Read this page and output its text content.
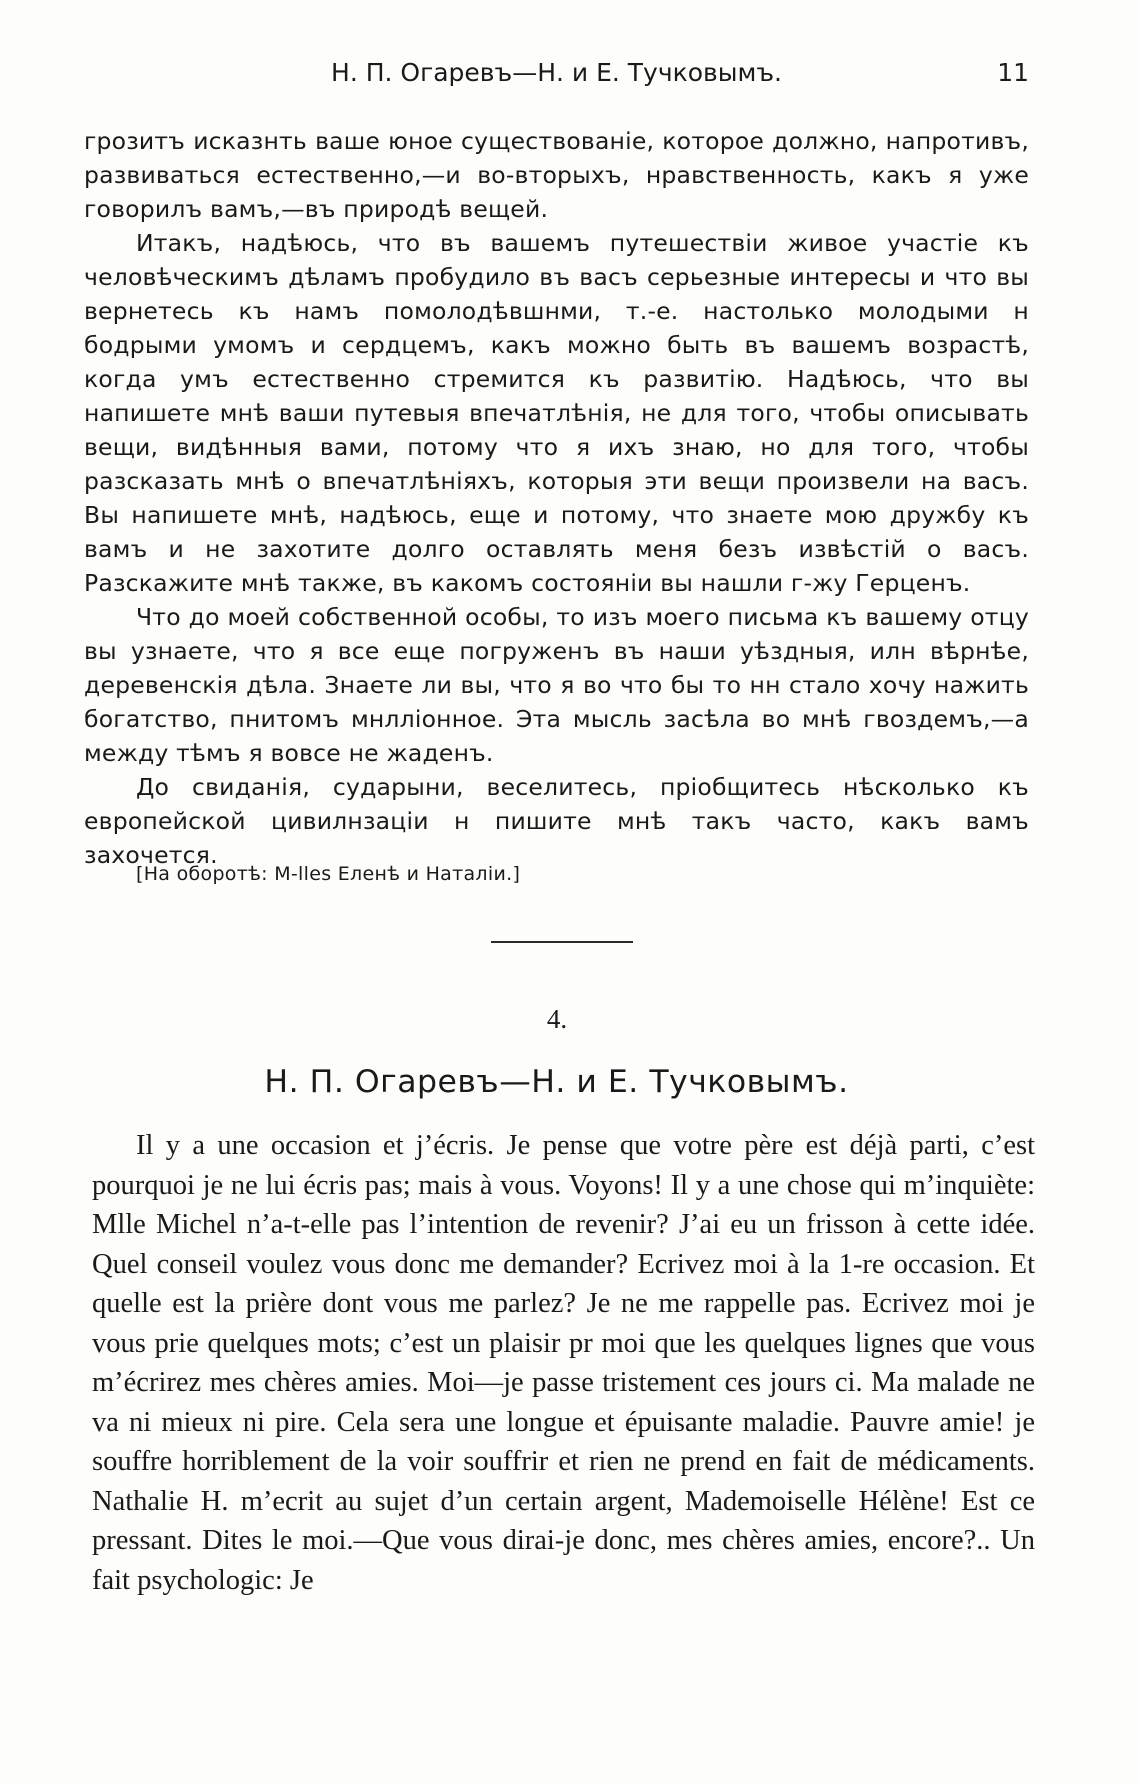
Н. П. Огаревъ—Н. и Е. Тучковымъ.	11

грозитъ исказнть ваше юное существованіе, которое должно, напротивъ, развиваться естественно,—и во-вторыхъ, нравственность, какъ я уже говорилъ вамъ,—въ природѣ вещей.

Итакъ, надѣюсь, что въ вашемъ путешествіи живое участіе къ человѣческимъ дѣламъ пробудило въ васъ серьезные интересы и что вы вернетесь къ намъ помолодѣвшнми, т.-е. настолько молодыми н бодрыми умомъ и сердцемъ, какъ можно быть въ вашемъ возрастѣ, когда умъ естественно стремится къ развитію. Надѣюсь, что вы напишете мнѣ ваши путевыя впечатлѣнія, не для того, чтобы описывать вещи, видѣнныя вами, потому что я ихъ знаю, но для того, чтобы разсказать мнѣ о впечатлѣніяхъ, которыя эти вещи произвели на васъ. Вы напишете мнѣ, надѣюсь, еще и потому, что знаете мою дружбу къ вамъ и не захотите долго оставлять меня безъ извѣстій о васъ. Разскажите мнѣ также, въ какомъ состояніи вы нашли г-жу Герценъ.

Что до моей собственной особы, то изъ моего письма къ вашему отцу вы узнаете, что я все еще погруженъ въ наши уѣздныя, илн вѣрнѣе, деревенскія дѣла. Знаете ли вы, что я во что бы то нн стало хочу нажить богатство, пнитомъ мнлліонное. Эта мысль засѣла во мнѣ гвоздемъ,—а между тѣмъ я вовсе не жаденъ.

До свиданія, сударыни, веселитесь, пріобщитесь нѣсколько къ европейской цивилнзаціи н пишите мнѣ такъ часто, какъ вамъ захочется.

[На оборотѣ: M-lles Еленѣ и Наталіи.]
4.
Н. П. Огаревъ—Н. и Е. Тучковымъ.

Il y a une occasion et j’écris. Je pense que votre père est déjà parti, c’est pourquoi je ne lui écris pas; mais à vous. Voyons! Il y a une chose qui m’inquiète: Mlle Michel n’a-t-elle pas l’intention de revenir? J’ai eu un frisson à cette idée. Quel conseil voulez vous donc me demander? Ecrivez moi à la 1-re occasion. Et quelle est la prière dont vous me parlez? Je ne me rappelle pas. Ecrivez moi je vous prie quelques mots; c’est un plaisir pr moi que les quelques lignes que vous m’écrirez mes chères amies. Moi—je passe tristement ces jours ci. Ma malade ne va ni mieux ni pire. Cela sera une longue et épuisante maladie. Pauvre amie! je souffre horriblement de la voir souffrir et rien ne prend en fait de médicaments. Nathalie H. m’ecrit au sujet d’un certain argent, Mademoiselle Hélène! Est ce pressant. Dites le moi.—Que vous dirai-je donc, mes chères amies, encore?.. Un fait psychologic: Je
